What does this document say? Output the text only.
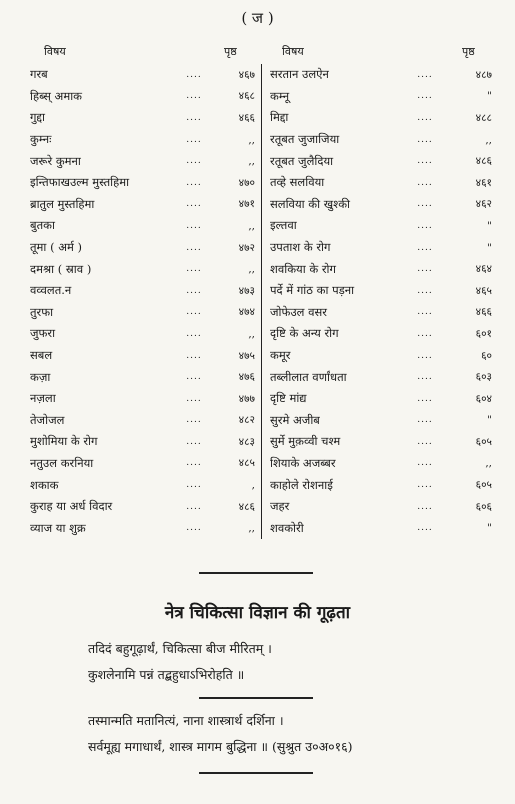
( ज )
विषय	पृष्ठ	विषय	पृष्ठ
गरब	....	४६७	सरतान उलऐन	....	४८७
हिब्स् अमाक	....	४६८	कम्नू	....	"
गुद्दा	....	४६६	मिद्दा	....	४८८
कुम्नः	....	,,	रतूबत जुजाजिया	....	,,
जरूरे कुमना	....	,,	रतूबत जुलैदिया	....	४८६
इन्तिफाखउल्म मुस्तहिमा	....	४७०	तव्हे सलविया	....	४६१
ब्रातुल मुस्तहिमा	....	४७१	सलविया की खुश्की	....	४६२
बुतका	....	,,	इल्तवा	....	"
तूमा ( अर्म )	....	४७२	उपताश के रोग	....	"
दमश्रा ( स्राव )	....	,,	शवकिया के रोग	....	४६४
वव्वलत.न	....	४७३	पर्दे में गांठ का पड़ना	....	४६५
तुरफा	....	४७४	जोफेउल वसर	....	४६६
जुफरा	....	,,	दृष्टि के अन्य रोग	....	६०१
सबल	....	४७५	कमूर	....	६०
कज़ा	....	४७६	तब्लीलात वर्णांधता	....	६०३
नज़ला	....	४७७	दृष्टि मांद्य	....	६०४
तेजोजल	....	४८२	सुरमे अजीब	....	"
मुशोमिया के रोग	....	४८३	सुर्मे मुक़व्वी चश्म	....	६०५
नतुउल करनिया	....	४८५	शियाके अजब्बर	....	,,
शकाक	....	,	काहोले रोशनाई	....	६०५
कुराह या अर्ध विदार	....	४८६	जहर	....	६०६
व्याज या शुक्र	....	,,	शवकोरी	....	"
नेत्र चिकित्सा विज्ञान की गूढ़ता
तदिदं बहुगूढ़ार्थं, चिकित्सा बीज मीरितम् ।
कुशलेनामि पन्नं तद्बहुधाऽभिरोहति ॥
तस्मान्मति मतानित्यं, नाना शास्त्रार्थ दर्शिना ।
सर्वमूह्य मगाधार्थं, शास्त्र मागम बुद्धिना ॥ (सुश्रुत उ०अ०१६)
